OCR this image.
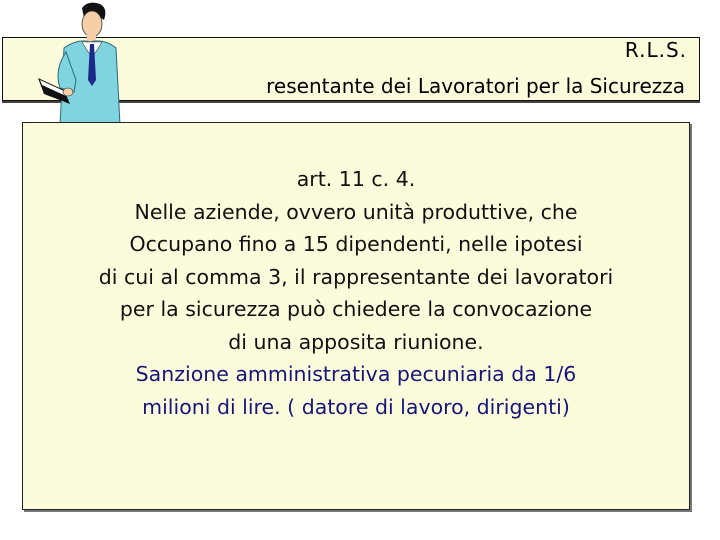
R.L.S.
resentante dei Lavoratori per la Sicurezza
art. 11 c. 4.
Nelle aziende, ovvero unità produttive, che
Occupano fino a 15 dipendenti, nelle ipotesi
di cui al comma 3, il rappresentante dei lavoratori
per la sicurezza può chiedere la convocazione
di una apposita riunione.
Sanzione amministrativa pecuniaria da 1/6
milioni di lire. ( datore di lavoro, dirigenti)
